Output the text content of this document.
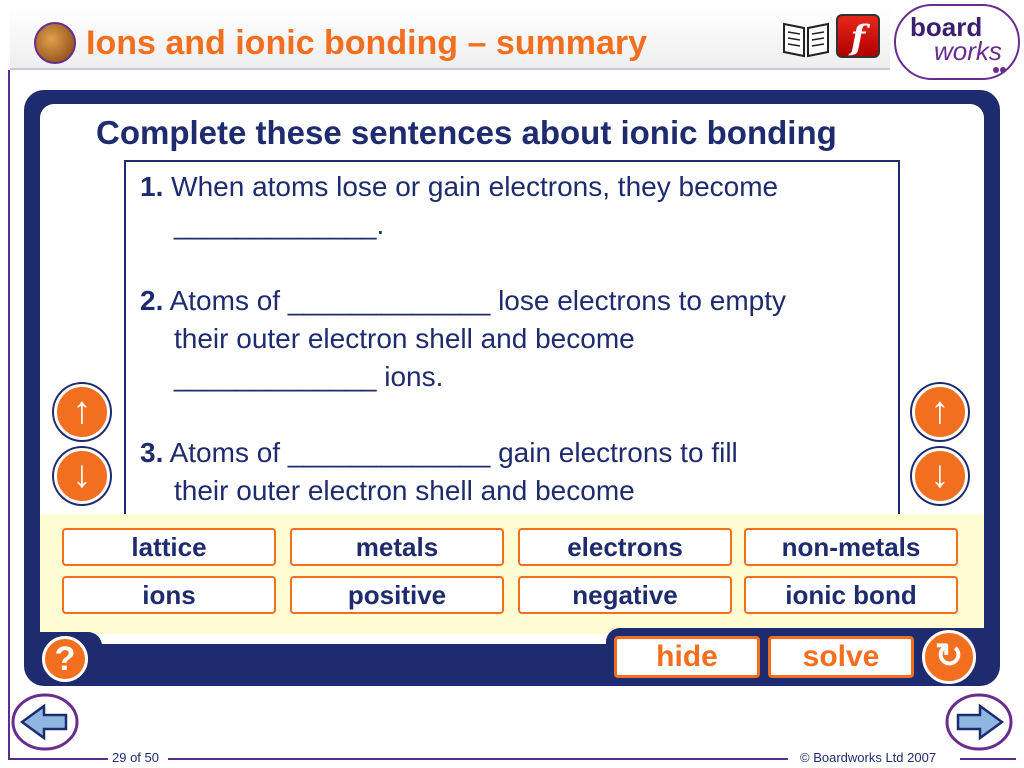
Ions and ionic bonding – summary	f	board
works
Complete these sentences about ionic bonding
1. When atoms lose or gain electrons, they become
_____________.
2. Atoms of _____________ lose electrons to empty
their outer electron shell and become
_____________ ions.
3. Atoms of _____________ gain electrons to fill
their outer electron shell and become
lattice	metals	electrons	non-metals
ions	positive	negative	ionic bond
↑
↓
↑
↓
?	hide	solve	↻
29 of 50	© Boardworks Ltd 2007
